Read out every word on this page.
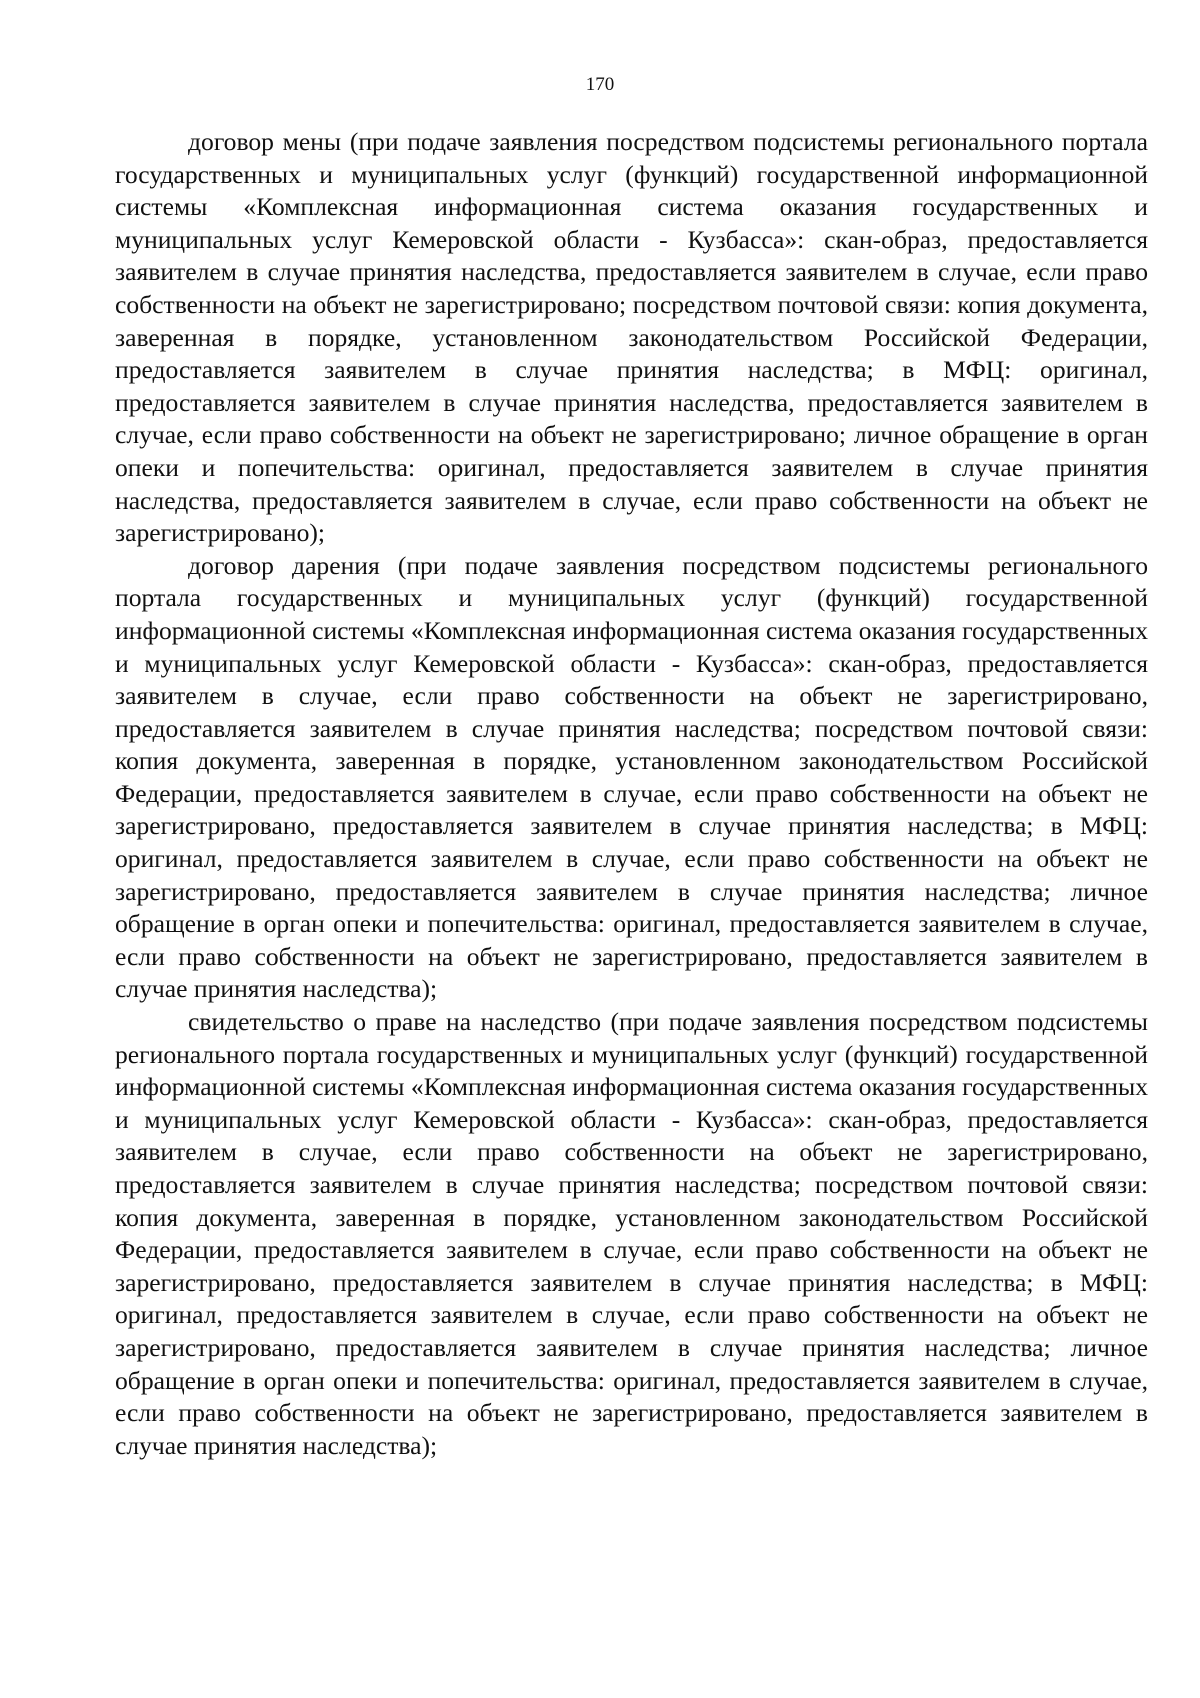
170

договор мены (при подаче заявления посредством подсистемы регионального портала государственных и муниципальных услуг (функций) государственной информационной системы «Комплексная информационная система оказания государственных и муниципальных услуг Кемеровской области - Кузбасса»: скан-образ, предоставляется заявителем в случае принятия наследства, предоставляется заявителем в случае, если право собственности на объект не зарегистрировано; посредством почтовой связи: копия документа, заверенная в порядке, установленном законодательством Российской Федерации, предоставляется заявителем в случае принятия наследства; в МФЦ: оригинал, предоставляется заявителем в случае принятия наследства, предоставляется заявителем в случае, если право собственности на объект не зарегистрировано; личное обращение в орган опеки и попечительства: оригинал, предоставляется заявителем в случае принятия наследства, предоставляется заявителем в случае, если право собственности на объект не зарегистрировано);

договор дарения (при подаче заявления посредством подсистемы регионального портала государственных и муниципальных услуг (функций) государственной информационной системы «Комплексная информационная система оказания государственных и муниципальных услуг Кемеровской области - Кузбасса»: скан-образ, предоставляется заявителем в случае, если право собственности на объект не зарегистрировано, предоставляется заявителем в случае принятия наследства; посредством почтовой связи: копия документа, заверенная в порядке, установленном законодательством Российской Федерации, предоставляется заявителем в случае, если право собственности на объект не зарегистрировано, предоставляется заявителем в случае принятия наследства; в МФЦ: оригинал, предоставляется заявителем в случае, если право собственности на объект не зарегистрировано, предоставляется заявителем в случае принятия наследства; личное обращение в орган опеки и попечительства: оригинал, предоставляется заявителем в случае, если право собственности на объект не зарегистрировано, предоставляется заявителем в случае принятия наследства);

свидетельство о праве на наследство (при подаче заявления посредством подсистемы регионального портала государственных и муниципальных услуг (функций) государственной информационной системы «Комплексная информационная система оказания государственных и муниципальных услуг Кемеровской области - Кузбасса»: скан-образ, предоставляется заявителем в случае, если право собственности на объект не зарегистрировано, предоставляется заявителем в случае принятия наследства; посредством почтовой связи: копия документа, заверенная в порядке, установленном законодательством Российской Федерации, предоставляется заявителем в случае, если право собственности на объект не зарегистрировано, предоставляется заявителем в случае принятия наследства; в МФЦ: оригинал, предоставляется заявителем в случае, если право собственности на объект не зарегистрировано, предоставляется заявителем в случае принятия наследства; личное обращение в орган опеки и попечительства: оригинал, предоставляется заявителем в случае, если право собственности на объект не зарегистрировано, предоставляется заявителем в случае принятия наследства);
